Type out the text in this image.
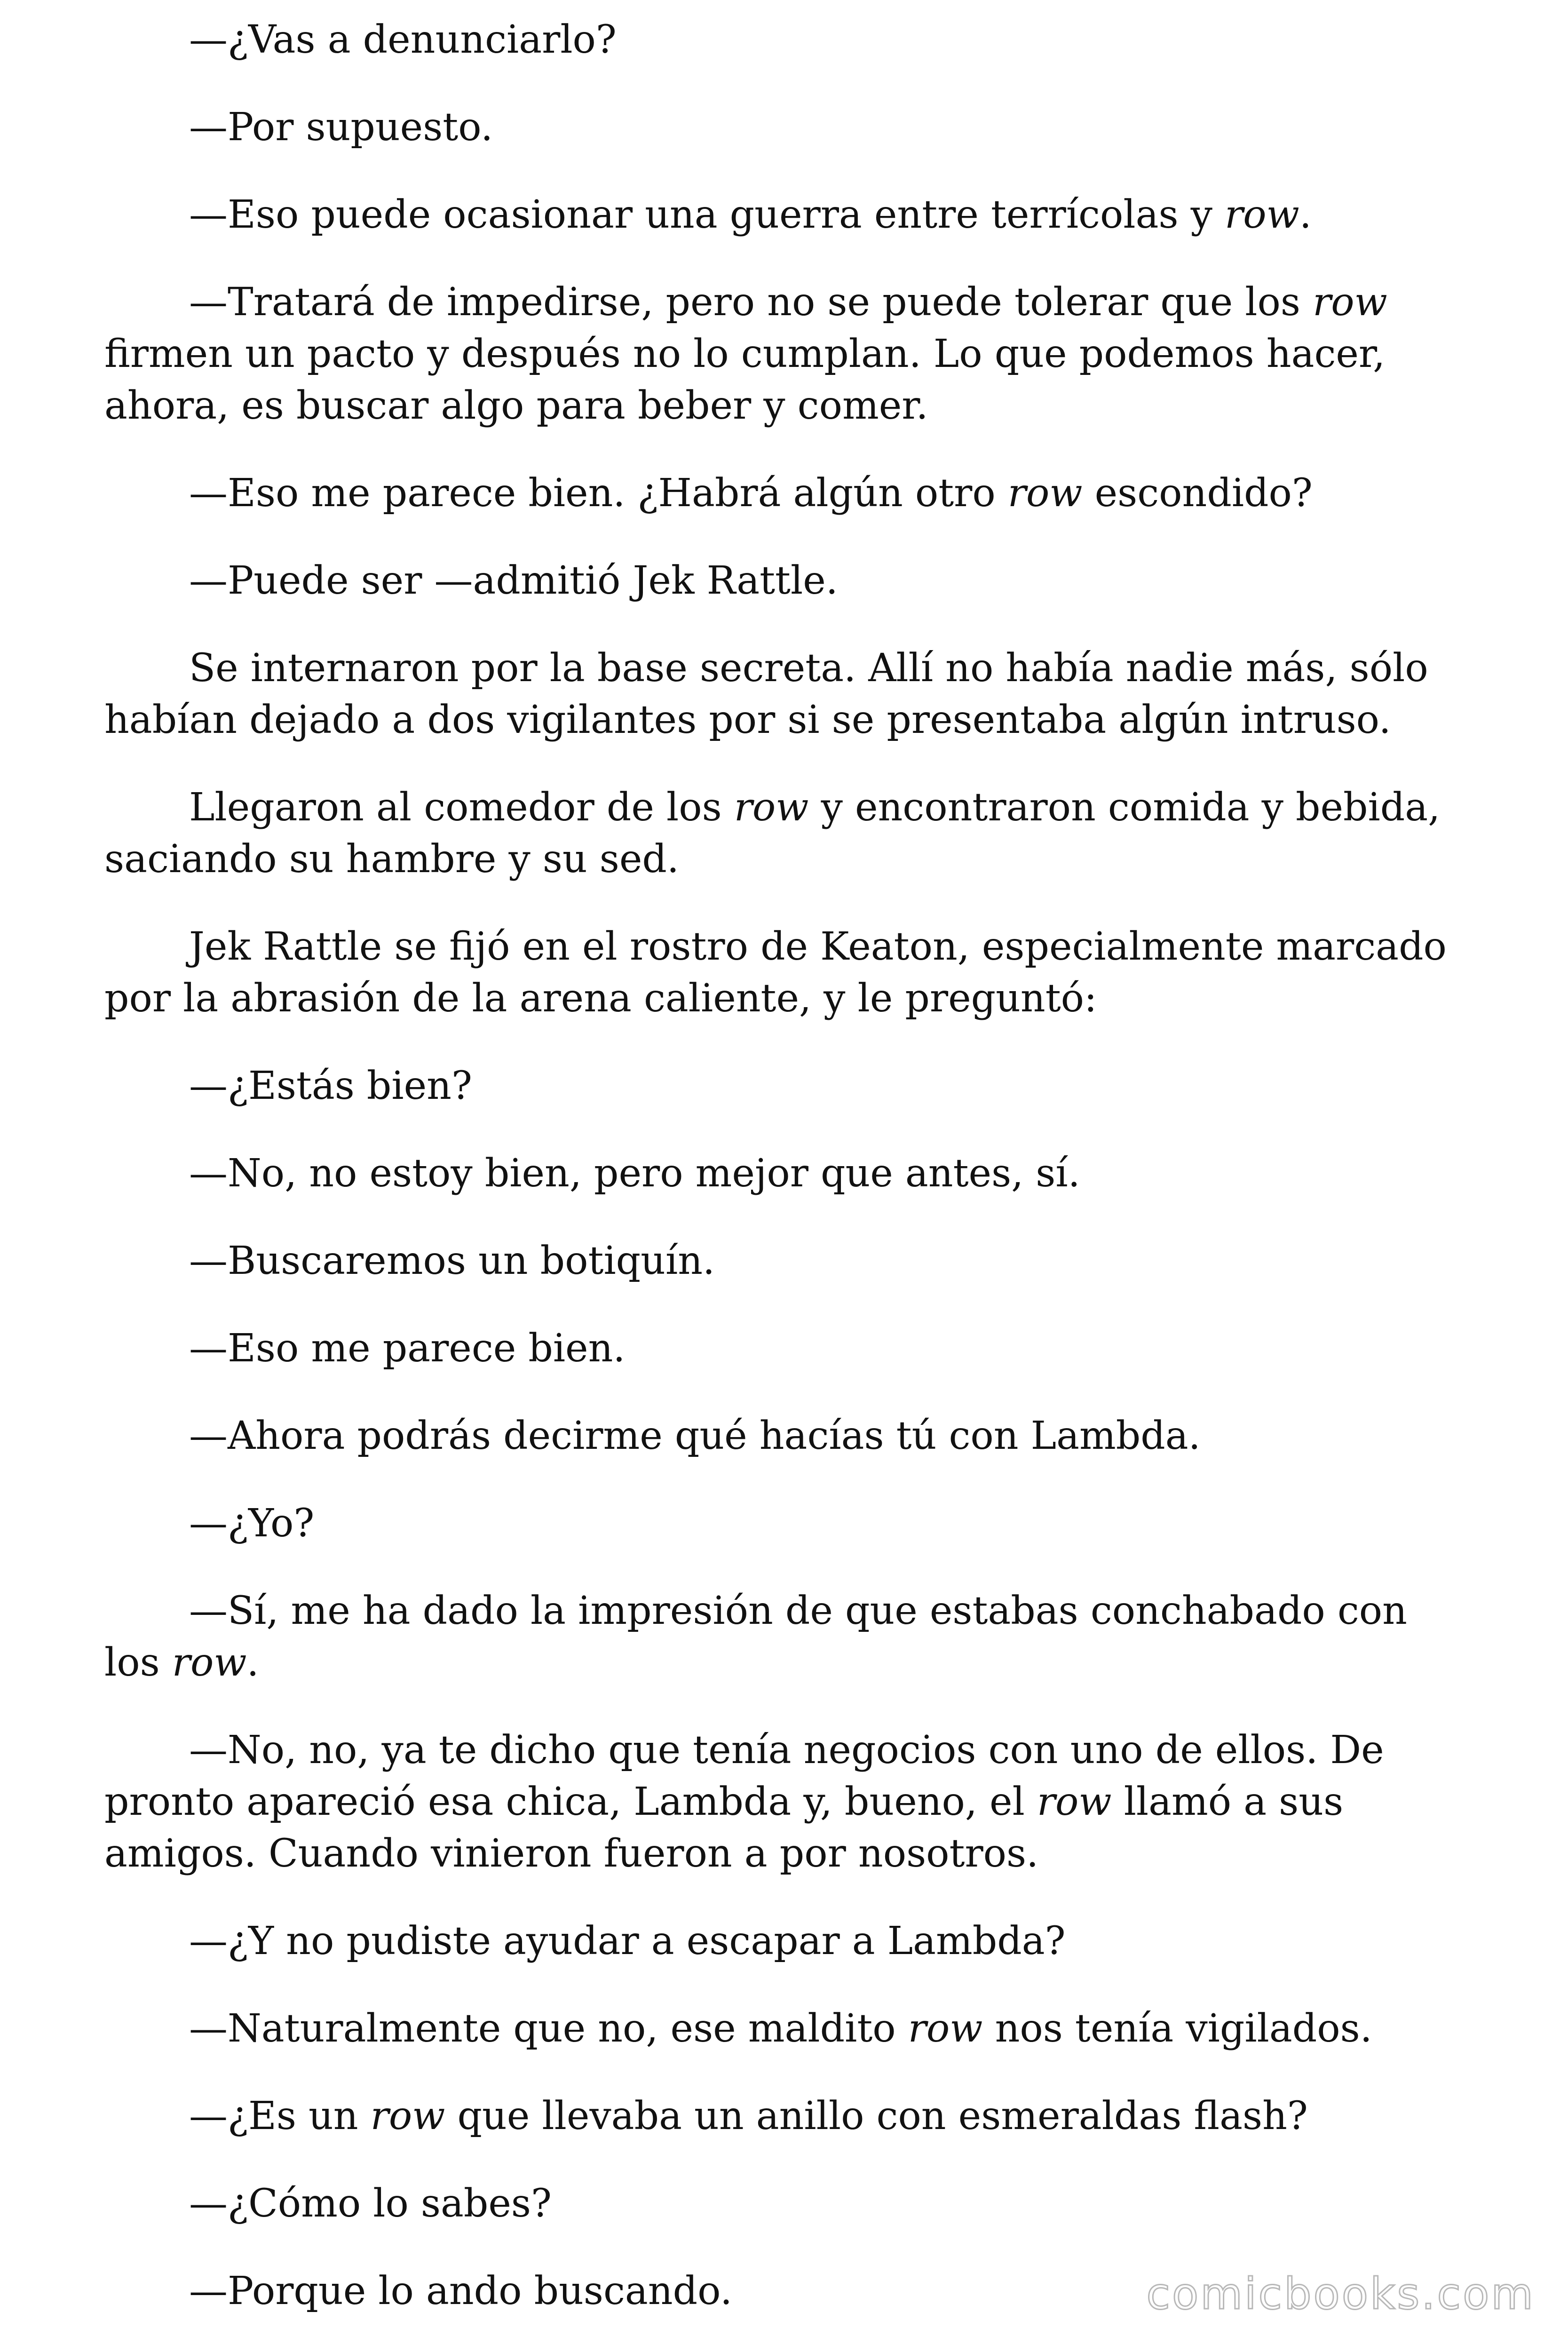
—¿Vas a denunciarlo?

—Por supuesto.

—Eso puede ocasionar una guerra entre terrícolas y row.

—Tratará de impedirse, pero no se puede tolerar que los row firmen un pacto y después no lo cumplan. Lo que podemos hacer, ahora, es buscar algo para beber y comer.

—Eso me parece bien. ¿Habrá algún otro row escondido?

—Puede ser —admitió Jek Rattle.

Se internaron por la base secreta. Allí no había nadie más, sólo habían dejado a dos vigilantes por si se presentaba algún intruso.

Llegaron al comedor de los row y encontraron comida y bebida, saciando su hambre y su sed.

Jek Rattle se fijó en el rostro de Keaton, especialmente marcado por la abrasión de la arena caliente, y le preguntó:

—¿Estás bien?

—No, no estoy bien, pero mejor que antes, sí.

—Buscaremos un botiquín.

—Eso me parece bien.

—Ahora podrás decirme qué hacías tú con Lambda.

—¿Yo?

—Sí, me ha dado la impresión de que estabas conchabado con los row.

—No, no, ya te dicho que tenía negocios con uno de ellos. De pronto apareció esa chica, Lambda y, bueno, el row llamó a sus amigos. Cuando vinieron fueron a por nosotros.

—¿Y no pudiste ayudar a escapar a Lambda?

—Naturalmente que no, ese maldito row nos tenía vigilados.

—¿Es un row que llevaba un anillo con esmeraldas flash?

—¿Cómo lo sabes?

—Porque lo ando buscando.	comicbooks.com
